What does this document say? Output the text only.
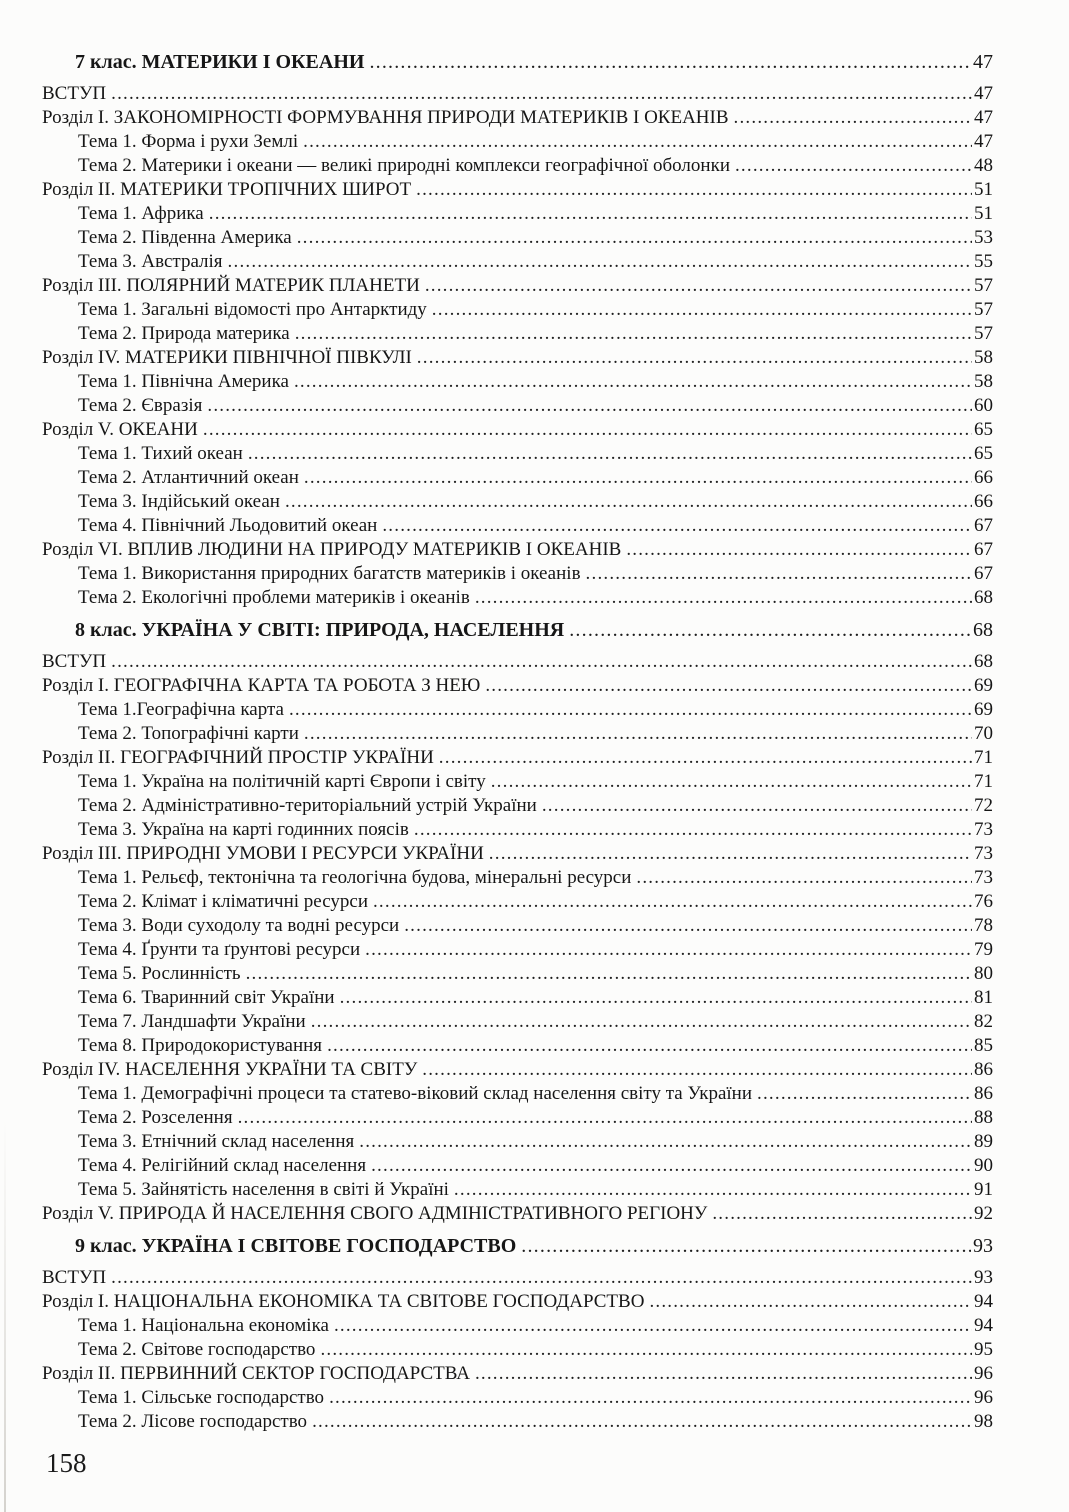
7 клас. МАТЕРИКИ І ОКЕАНИ .....	47
ВСТУП .....	47
Розділ I. ЗАКОНОМІРНОСТІ ФОРМУВАННЯ ПРИРОДИ МАТЕРИКІВ І ОКЕАНІВ .....	47
Тема 1. Форма і рухи Землі .....	47
Тема 2. Материки і океани — великі природні комплекси географічної оболонки .....	48
Розділ II. МАТЕРИКИ ТРОПІЧНИХ ШИРОТ .....	51
Тема 1. Африка .....	51
Тема 2. Південна Америка .....	53
Тема 3. Австралія .....	55
Розділ III. ПОЛЯРНИЙ МАТЕРИК ПЛАНЕТИ .....	57
Тема 1. Загальні відомості про Антарктиду .....	57
Тема 2. Природа материка .....	57
Розділ IV. МАТЕРИКИ ПІВНІЧНОЇ ПІВКУЛІ .....	58
Тема 1. Північна Америка .....	58
Тема 2. Євразія .....	60
Розділ V. ОКЕАНИ .....	65
Тема 1. Тихий океан .....	65
Тема 2. Атлантичний океан .....	66
Тема 3. Індійський океан .....	66
Тема 4. Північний Льодовитий океан .....	67
Розділ VI. ВПЛИВ ЛЮДИНИ НА ПРИРОДУ МАТЕРИКІВ І ОКЕАНІВ .....	67
Тема 1. Використання природних багатств материків і океанів .....	67
Тема 2. Екологічні проблеми материків і океанів .....	68
8 клас. УКРАЇНА У СВІТІ: ПРИРОДА, НАСЕЛЕННЯ .....	68
ВСТУП .....	68
Розділ I. ГЕОГРАФІЧНА КАРТА ТА РОБОТА З НЕЮ .....	69
Тема 1.Географічна карта .....	69
Тема 2. Топографічні карти .....	70
Розділ II. ГЕОГРАФІЧНИЙ ПРОСТІР УКРАЇНИ .....	71
Тема 1. Україна на політичній карті Європи і світу .....	71
Тема 2. Адміністративно-територіальний устрій України .....	72
Тема 3. Україна на карті годинних поясів .....	73
Розділ III. ПРИРОДНІ УМОВИ І РЕСУРСИ УКРАЇНИ .....	73
Тема 1. Рельєф, тектонічна та геологічна будова, мінеральні ресурси .....	73
Тема 2. Клімат і кліматичні ресурси .....	76
Тема 3. Води суходолу та водні ресурси .....	78
Тема 4. Ґрунти та ґрунтові ресурси .....	79
Тема 5. Рослинність .....	80
Тема 6. Тваринний світ України .....	81
Тема 7. Ландшафти України .....	82
Тема 8. Природокористування .....	85
Розділ IV. НАСЕЛЕННЯ УКРАЇНИ ТА СВІТУ .....	86
Тема 1. Демографічні процеси та статево-віковий склад населення світу та України .....	86
Тема 2. Розселення .....	88
Тема 3. Етнічний склад населення .....	89
Тема 4. Релігійний склад населення .....	90
Тема 5. Зайнятість населення в світі й Україні .....	91
Розділ V. ПРИРОДА Й НАСЕЛЕННЯ СВОГО АДМІНІСТРАТИВНОГО РЕГІОНУ .....	92
9 клас. УКРАЇНА І СВІТОВЕ ГОСПОДАРСТВО .....	93
ВСТУП .....	93
Розділ I. НАЦІОНАЛЬНА ЕКОНОМІКА ТА СВІТОВЕ ГОСПОДАРСТВО .....	94
Тема 1. Національна економіка .....	94
Тема 2. Світове господарство .....	95
Розділ II. ПЕРВИННИЙ СЕКТОР ГОСПОДАРСТВА .....	96
Тема 1. Сільське господарство .....	96
Тема 2. Лісове господарство .....	98
158
